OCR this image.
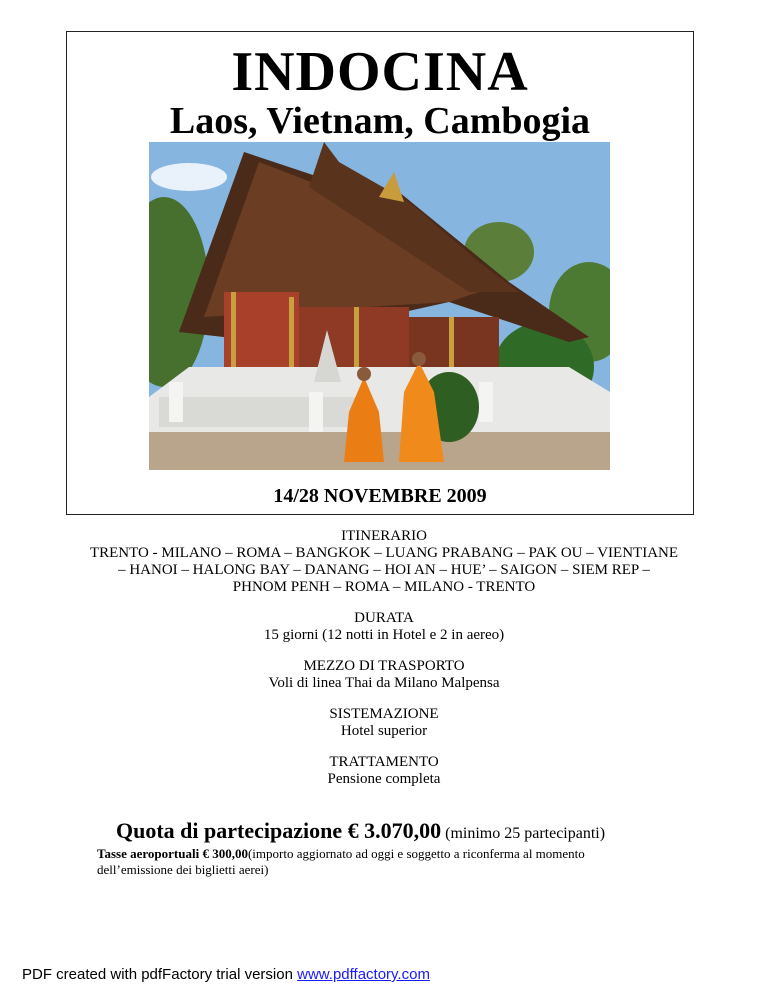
INDOCINA
Laos, Vietnam, Cambogia
14/28 NOVEMBRE 2009
ITINERARIO
TRENTO - MILANO – ROMA – BANGKOK – LUANG PRABANG – PAK OU – VIENTIANE
– HANOI – HALONG BAY – DANANG – HOI AN – HUE’ – SAIGON – SIEM REP –
PHNOM PENH – ROMA – MILANO - TRENTO
DURATA
15 giorni (12 notti in Hotel e 2 in aereo)
MEZZO DI TRASPORTO
Voli di linea Thai da Milano Malpensa
SISTEMAZIONE
Hotel superior
TRATTAMENTO
Pensione completa
Quota di partecipazione € 3.070,00 (minimo 25 partecipanti)
Tasse aeroportuali € 300,00(importo aggiornato ad oggi e soggetto a riconferma al momento dell’emissione dei biglietti aerei)
PDF created with pdfFactory trial version www.pdffactory.com
